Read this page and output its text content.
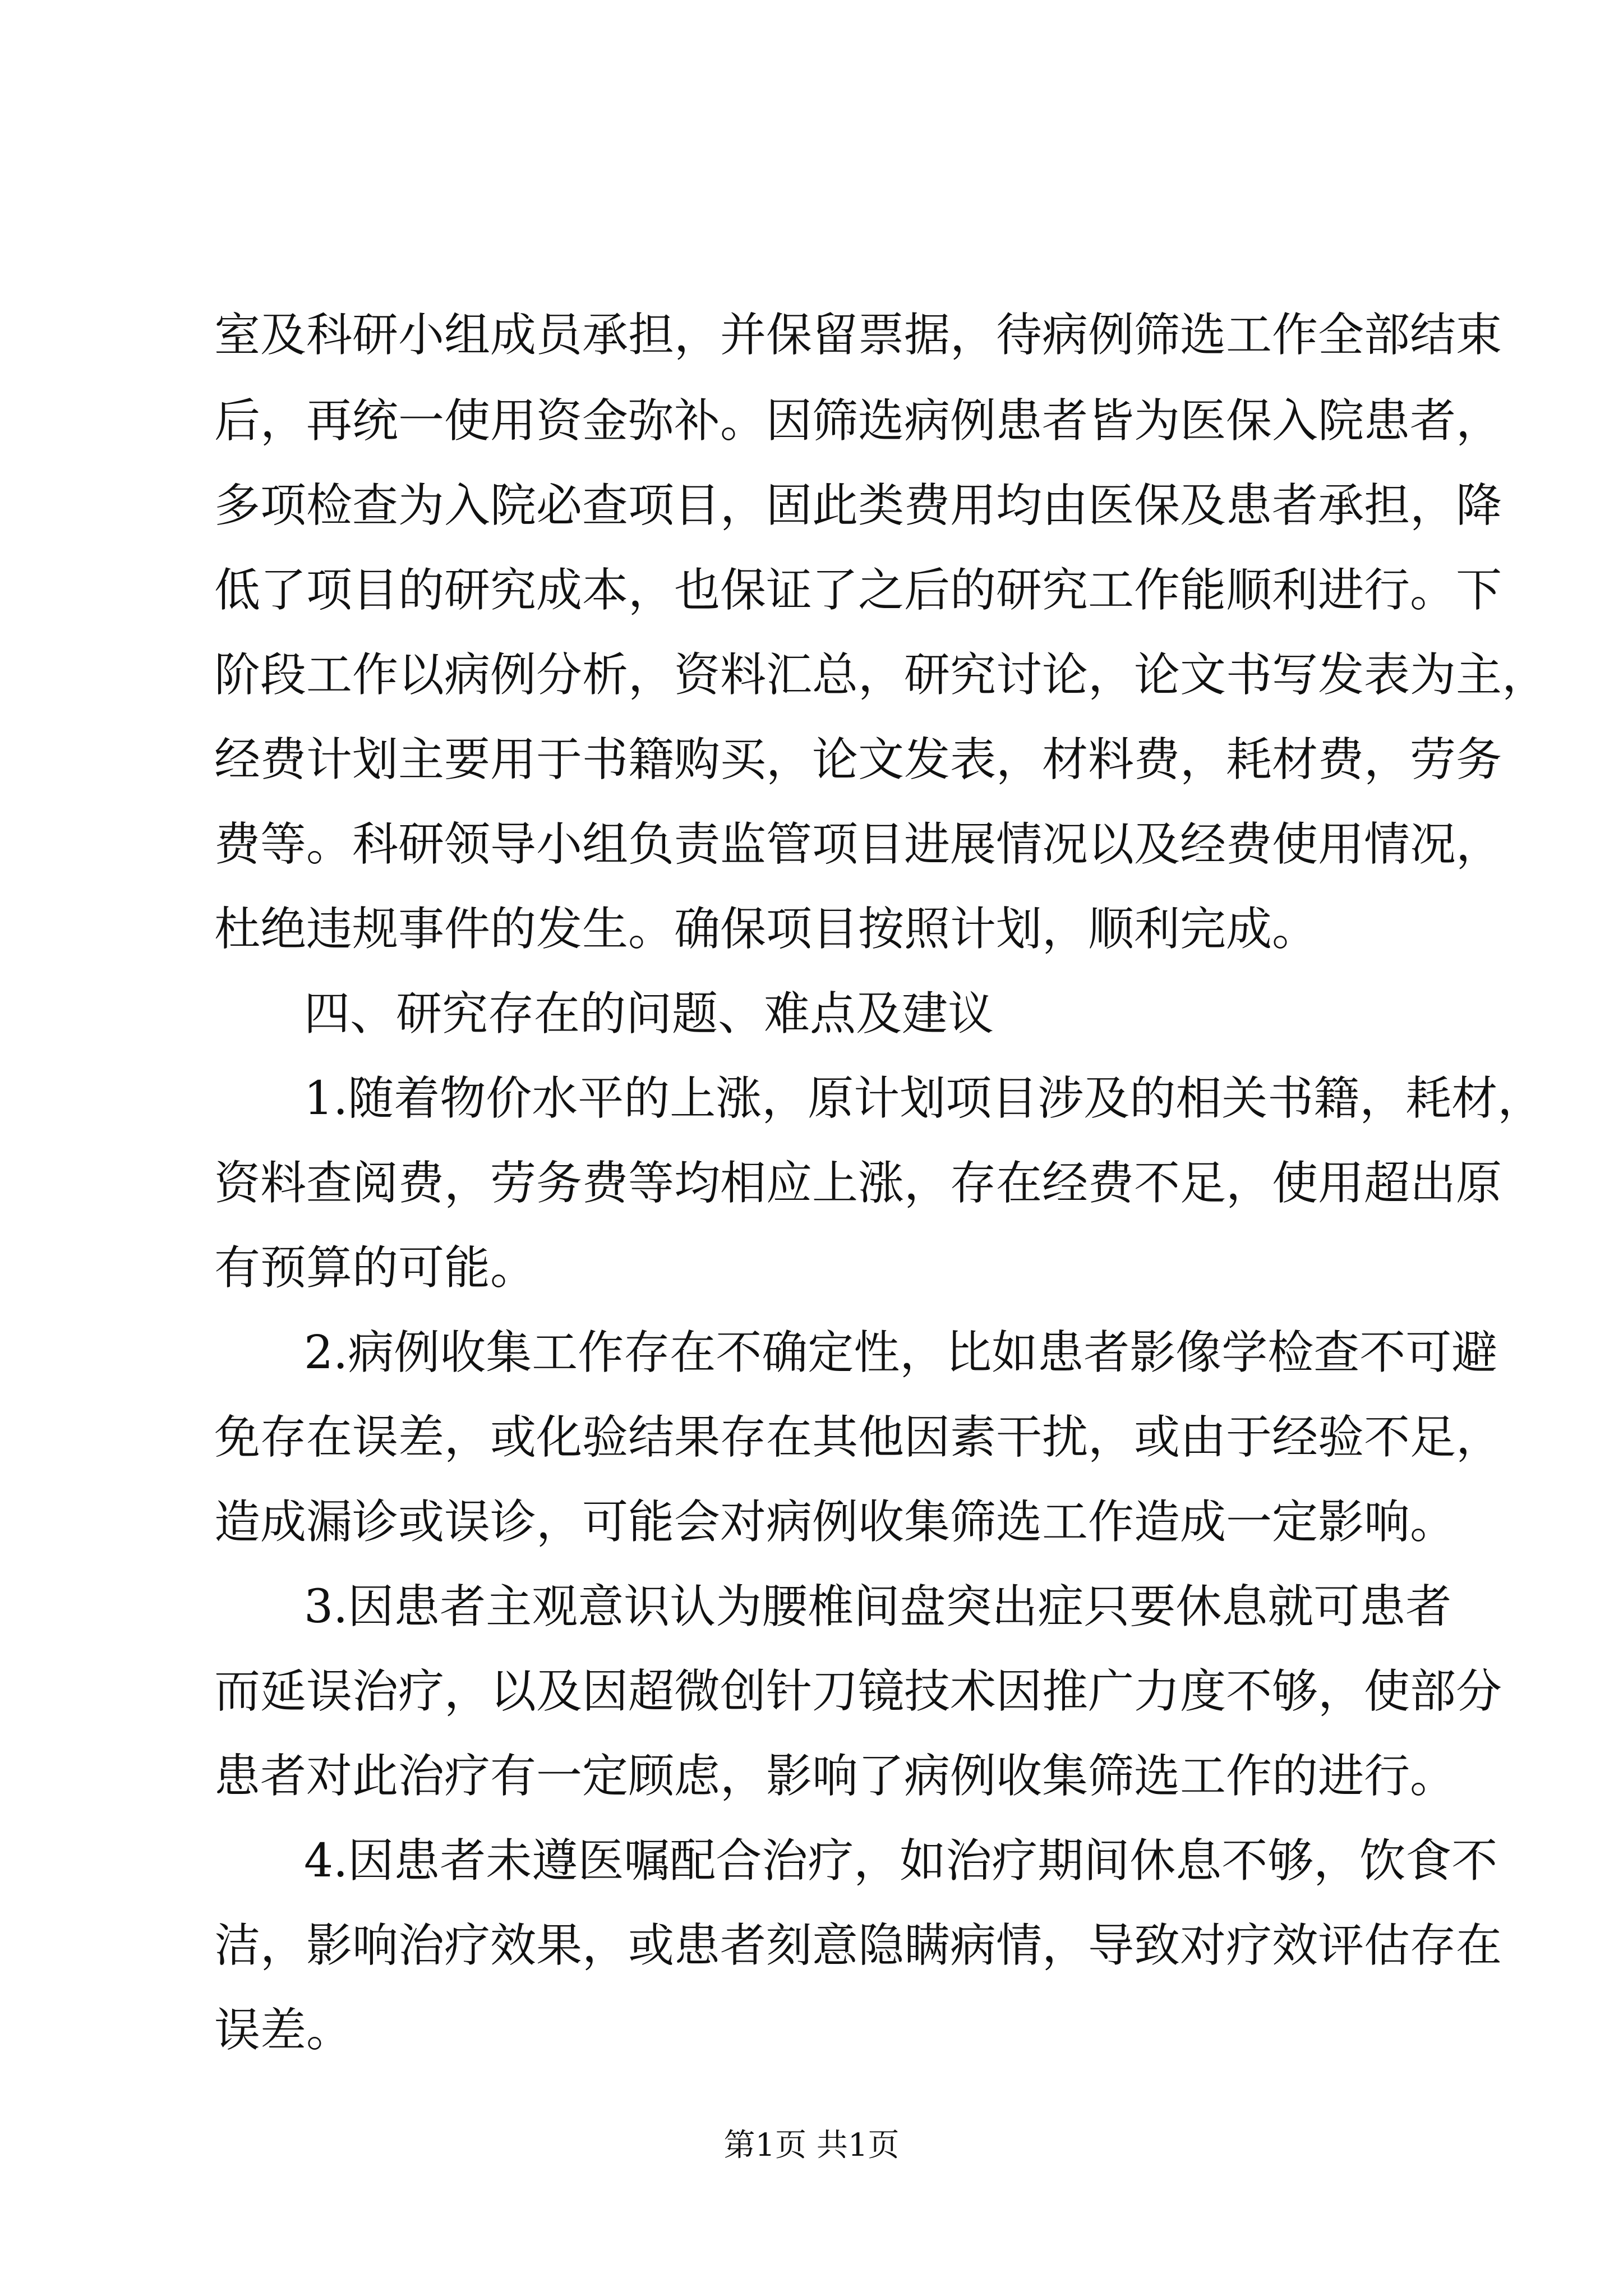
室及科研小组成员承担，并保留票据，待病例筛选工作全部结束
后，再统一使用资金弥补。因筛选病例患者皆为医保入院患者，
多项检查为入院必查项目，固此类费用均由医保及患者承担，降
低了项目的研究成本，也保证了之后的研究工作能顺利进行。下
阶段工作以病例分析，资料汇总，研究讨论，论文书写发表为主，
经费计划主要用于书籍购买，论文发表，材料费，耗材费，劳务
费等。科研领导小组负责监管项目进展情况以及经费使用情况，
杜绝违规事件的发生。确保项目按照计划，顺利完成。
四、研究存在的问题、难点及建议
1.随着物价水平的上涨，原计划项目涉及的相关书籍，耗材，
资料查阅费，劳务费等均相应上涨，存在经费不足，使用超出原
有预算的可能。
2.病例收集工作存在不确定性，比如患者影像学检查不可避
免存在误差，或化验结果存在其他因素干扰，或由于经验不足，
造成漏诊或误诊，可能会对病例收集筛选工作造成一定影响。
3.因患者主观意识认为腰椎间盘突出症只要休息就可患者
而延误治疗，以及因超微创针刀镜技术因推广力度不够，使部分
患者对此治疗有一定顾虑，影响了病例收集筛选工作的进行。
4.因患者未遵医嘱配合治疗，如治疗期间休息不够，饮食不
洁，影响治疗效果，或患者刻意隐瞒病情，导致对疗效评估存在
误差。
第1页 共1页
